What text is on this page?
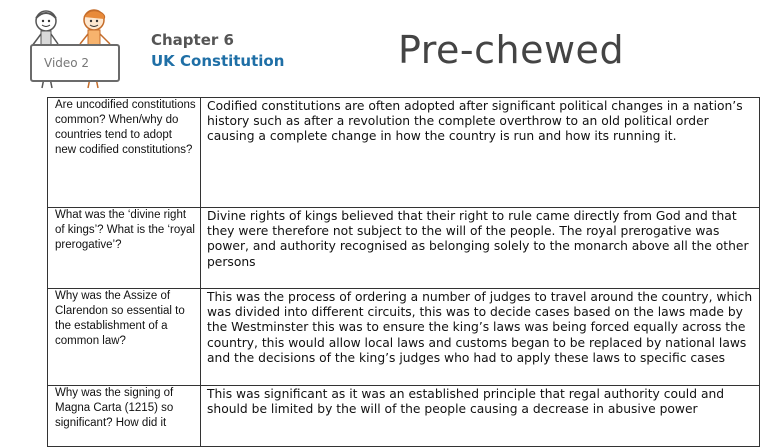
Video 2
Chapter 6
UK Constitution	Pre-chewed
Are uncodified constitutions common? When/why do countries tend to adopt new codified constitutions?	Codified constitutions are often adopted after significant political changes in a nation’s history such as after a revolution the complete overthrow to an old political order causing a complete change in how the country is run and how its running it.

What was the ‘divine right of kings’? What is the ‘royal prerogative’?	Divine rights of kings believed that their right to rule came directly from God and that they were therefore not subject to the will of the people. The royal prerogative was power, and authority recognised as belonging solely to the monarch above all the other persons

Why was the Assize of Clarendon so essential to the establishment of a common law?	This was the process of ordering a number of judges to travel around the country, which was divided into different circuits, this was to decide cases based on the laws made by the Westminster this was to ensure the king’s laws was being forced equally across the country, this would allow local laws and customs began to be replaced by national laws and the decisions of the king’s judges who had to apply these laws to specific cases

Why was the signing of Magna Carta (1215) so significant? How did it	This was significant as it was an established principle that regal authority could and should be limited by the will of the people causing a decrease in abusive power
